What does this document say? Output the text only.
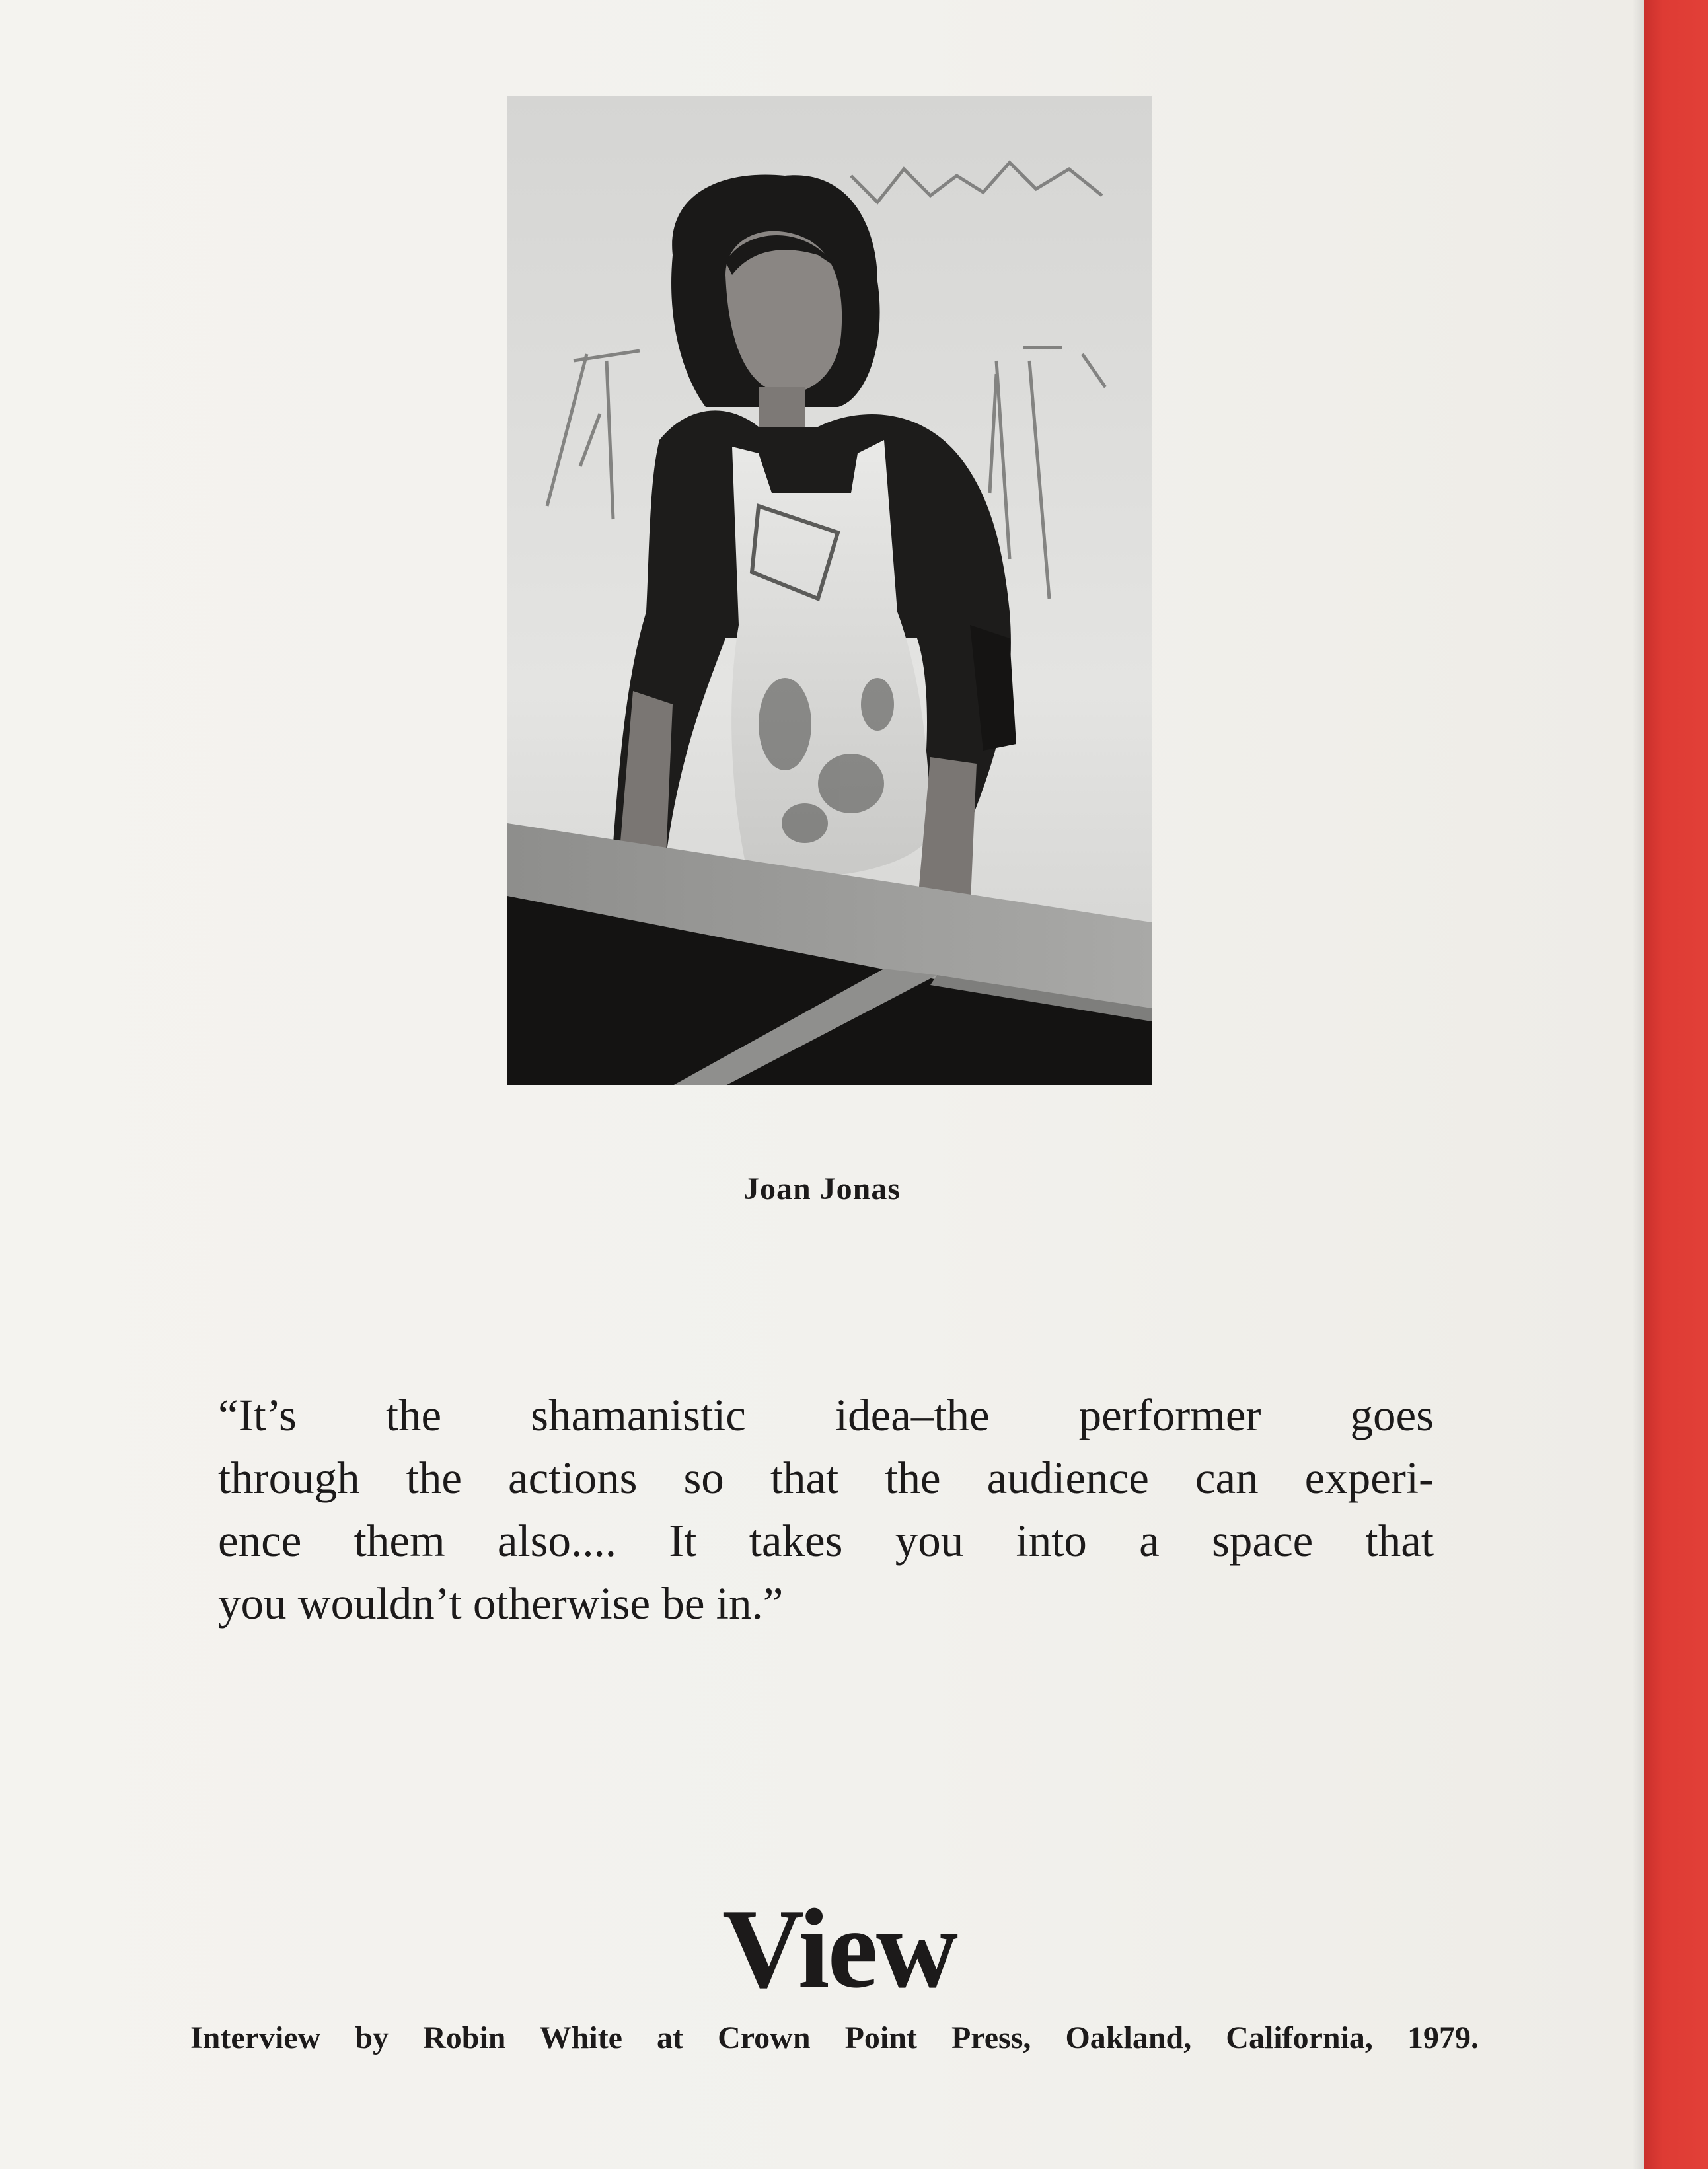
Joan Jonas
“It’s the shamanistic idea–the performer goes
through the actions so that the audience can experi-
ence them also.... It takes you into a space that
you wouldn’t otherwise be in.”
View
Interview by Robin White at Crown Point Press, Oakland, California, 1979.
